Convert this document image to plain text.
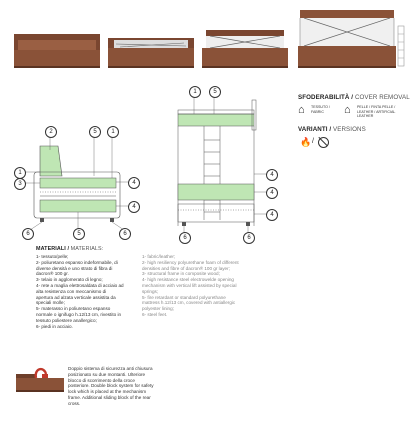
2	5	1
1
3	4
4
6	5	6
1	5
4
4
4
6	6
SFODERABILITÀ / COVER REMOVAL
⌂ TESSUTO / FABRIC	⌂ PELLE / FINTA PELLE / LEATHER / ARTIFICIAL LEATHER
VARIANTI / VERSIONS
🔥 /
MATERIALI / MATERIALS:
1- tessuto/pelle;
2- poliuretano espanso indeformabile, di diverse densità e uno strato di fibra di dacron® 100 gr.
3- telaio in agglomerato di legno;
4- rete a maglia elettrosaldata di acciaio ad alta resistenza con meccanismo di apertura ad alzata verticale assistita da speciali molle;
5- materasso in poliuretano espanso normale o ignifugo h.12/13 cm, rivestito in tessuto poliestere anallergico;
6- piedi in acciaio.
1- fabric/leather;
2- high resiliency polyurethane foam of different densities and fibre of dacron® 100 gr layer;
3- structural frame in composite wood;
4- high resistance steel electrowelde opening mechanism with vertical lift assisted by special springs;
5- fire retardant or standard polyurethane mattress h.12/13 cm, covered with antiallergic polyester lining;
6- steel feet.
Doppio sistema di sicurezza anti chiusura posizionato su due montanti. Ulteriore blocco di scorrimento della croce posteriore. Double block system for safety lock which is placed at the mechanism frame. Additional sliding block of the rear cross.
